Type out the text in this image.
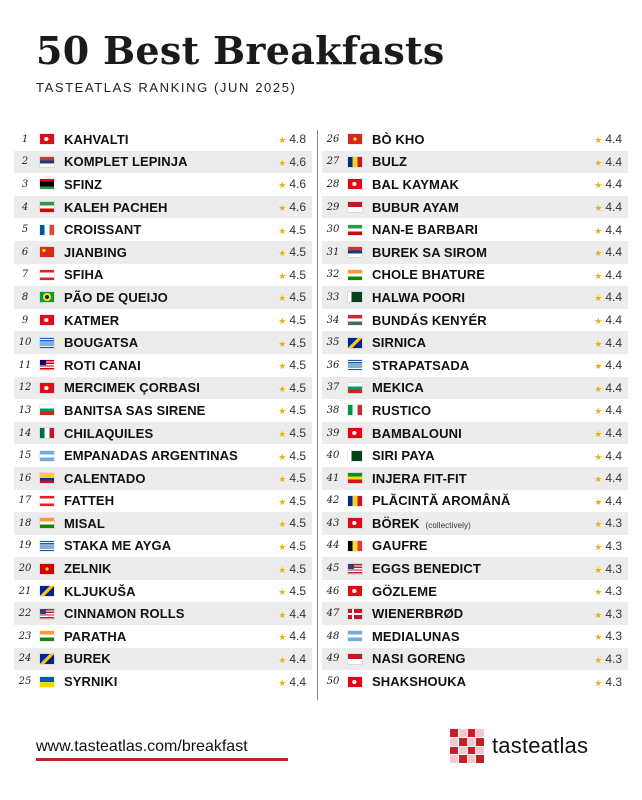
50 Best Breakfasts
TASTEATLAS RANKING (JUN 2025)
1	KAHVALTI	★ 4.8
2	KOMPLET LEPINJA	★ 4.6
3	SFINZ	★ 4.6
4	KALEH PACHEH	★ 4.6
5	CROISSANT	★ 4.5
6	JIANBING	★ 4.5
7	SFIHA	★ 4.5
8	PÃO DE QUEIJO	★ 4.5
9	KATMER	★ 4.5
10	BOUGATSA	★ 4.5
11	ROTI CANAI	★ 4.5
12	MERCIMEK ÇORBASI	★ 4.5
13	BANITSA SAS SIRENE	★ 4.5
14	CHILAQUILES	★ 4.5
15	EMPANADAS ARGENTINAS	★ 4.5
16	CALENTADO	★ 4.5
17	FATTEH	★ 4.5
18	MISAL	★ 4.5
19	STAKA ME AYGA	★ 4.5
20	ZELNIK	★ 4.5
21	KLJUKUŠA	★ 4.5
22	CINNAMON ROLLS	★ 4.4
23	PARATHA	★ 4.4
24	BUREK	★ 4.4
25	SYRNIKI	★ 4.4
26	BÒ KHO	★ 4.4
27	BULZ	★ 4.4
28	BAL KAYMAK	★ 4.4
29	BUBUR AYAM	★ 4.4
30	NAN-E BARBARI	★ 4.4
31	BUREK SA SIROM	★ 4.4
32	CHOLE BHATURE	★ 4.4
33	HALWA POORI	★ 4.4
34	BUNDÁS KENYÉR	★ 4.4
35	SIRNICA	★ 4.4
36	STRAPATSADA	★ 4.4
37	MEKICA	★ 4.4
38	RUSTICO	★ 4.4
39	BAMBALOUNI	★ 4.4
40	SIRI PAYA	★ 4.4
41	INJERA FIT-FIT	★ 4.4
42	PLĂCINTĂ AROMÂNĂ	★ 4.4
43	BÖREK (collectively)	★ 4.3
44	GAUFRE	★ 4.3
45	EGGS BENEDICT	★ 4.3
46	GÖZLEME	★ 4.3
47	WIENERBRØD	★ 4.3
48	MEDIALUNAS	★ 4.3
49	NASI GORENG	★ 4.3
50	SHAKSHOUKA	★ 4.3
www.tasteatlas.com/breakfast	tasteatlas
